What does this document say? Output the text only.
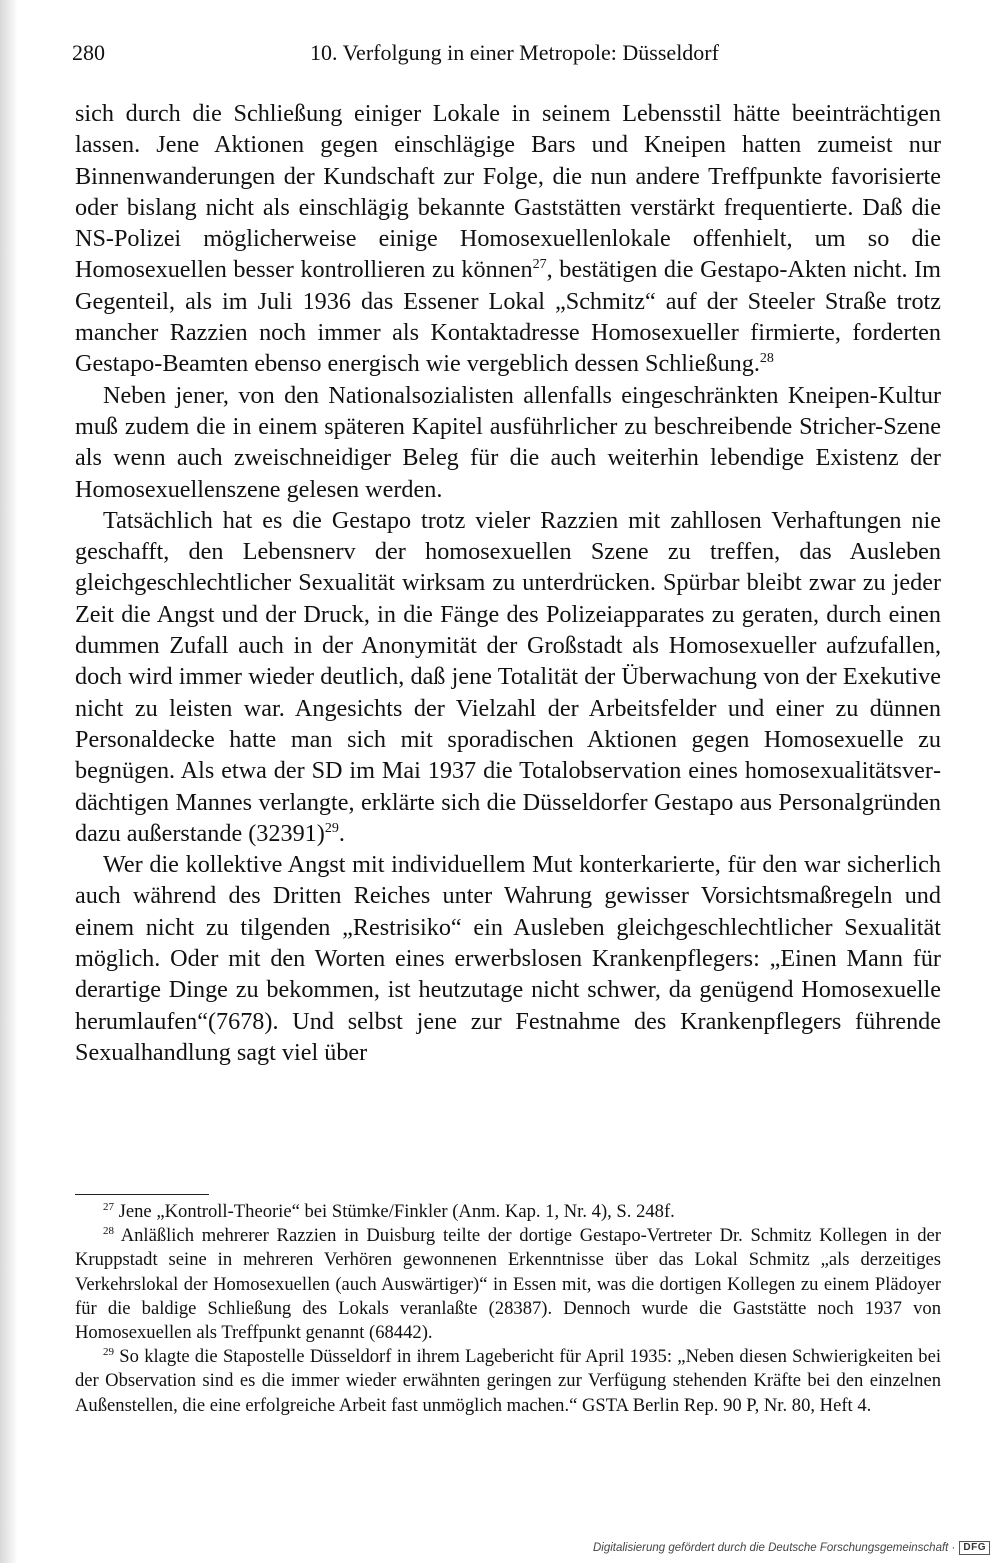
280	10. Verfolgung in einer Metropole: Düsseldorf

sich durch die Schließung einiger Lokale in seinem Lebensstil hätte beeinträchtigen lassen. Jene Aktionen gegen einschlägige Bars und Kneipen hatten zumeist nur Binnenwanderungen der Kundschaft zur Folge, die nun andere Treffpunkte favorisierte oder bislang nicht als einschlägig bekannte Gaststätten verstärkt frequentierte. Daß die NS-Polizei möglicherweise einige Homosexuellenlokale offenhielt, um so die Homosexuellen besser kontrollieren zu können$^{27}$, bestätigen die Gestapo-Akten nicht. Im Gegenteil, als im Juli 1936 das Essener Lokal „Schmitz“ auf der Steeler Straße trotz mancher Razzien noch immer als Kontaktadresse Homosexueller firmierte, forderten Gestapo-Beamten ebenso energisch wie vergeblich dessen Schließung.$^{28}$

Neben jener, von den Nationalsozialisten allenfalls eingeschränkten Kneipen-Kultur muß zudem die in einem späteren Kapitel ausführlicher zu beschreibende Stricher-Szene als wenn auch zweischneidiger Beleg für die auch weiterhin lebendige Existenz der Homosexuellenszene gelesen werden.

Tatsächlich hat es die Gestapo trotz vieler Razzien mit zahllosen Verhaftungen nie geschafft, den Lebensnerv der homosexuellen Szene zu treffen, das Ausleben gleichgeschlechtlicher Sexualität wirksam zu unterdrücken. Spürbar bleibt zwar zu jeder Zeit die Angst und der Druck, in die Fänge des Polizeiapparates zu geraten, durch einen dummen Zufall auch in der Anonymität der Großstadt als Homosexueller aufzufallen, doch wird immer wieder deutlich, daß jene Totalität der Überwachung von der Exekutive nicht zu leisten war. Angesichts der Vielzahl der Arbeitsfelder und einer zu dünnen Personaldecke hatte man sich mit sporadischen Aktionen gegen Homosexuelle zu begnügen. Als etwa der SD im Mai 1937 die Totalobservation eines homosexualitätsverdächtigen Mannes verlangte, erklärte sich die Düsseldorfer Gestapo aus Personalgründen dazu außerstande $(32391)^{29}$.

Wer die kollektive Angst mit individuellem Mut konterkarierte, für den war sicherlich auch während des Dritten Reiches unter Wahrung gewisser Vorsichtsmaßregeln und einem nicht zu tilgenden „Restrisiko“ ein Ausleben gleichgeschlechtlicher Sexualität möglich. Oder mit den Worten eines erwerbslosen Krankenpflegers: „Einen Mann für derartige Dinge zu bekommen, ist heutzutage nicht schwer, da genügend Homosexuelle herumlaufen“(7678). Und selbst jene zur Festnahme des Krankenpflegers führende Sexualhandlung sagt viel über

$^{27}$ Jene „Kontroll-Theorie“ bei Stümke/Finkler (Anm. Kap. 1, Nr. 4), S. 248f.

$^{28}$ Anläßlich mehrerer Razzien in Duisburg teilte der dortige Gestapo-Vertreter Dr. Schmitz Kollegen in der Kruppstadt seine in mehreren Verhören gewonnenen Erkenntnisse über das Lokal Schmitz „als derzeitiges Verkehrslokal der Homosexuellen (auch Auswärtiger)“ in Essen mit, was die dortigen Kollegen zu einem Plädoyer für die baldige Schließung des Lokals veranlaßte (28387). Dennoch wurde die Gaststätte noch 1937 von Homosexuellen als Treffpunkt genannt (68442).

$^{29}$ So klagte die Stapostelle Düsseldorf in ihrem Lagebericht für April 1935: „Neben diesen Schwierigkeiten bei der Observation sind es die immer wieder erwähnten geringen zur Verfügung stehenden Kräfte bei den einzelnen Außenstellen, die eine erfolgreiche Arbeit fast unmöglich machen.“ GSTA Berlin Rep. 90 P, Nr. 80, Heft 4.

Digitalisierung gefördert durch die Deutsche Forschungsgemeinschaft · DFG
